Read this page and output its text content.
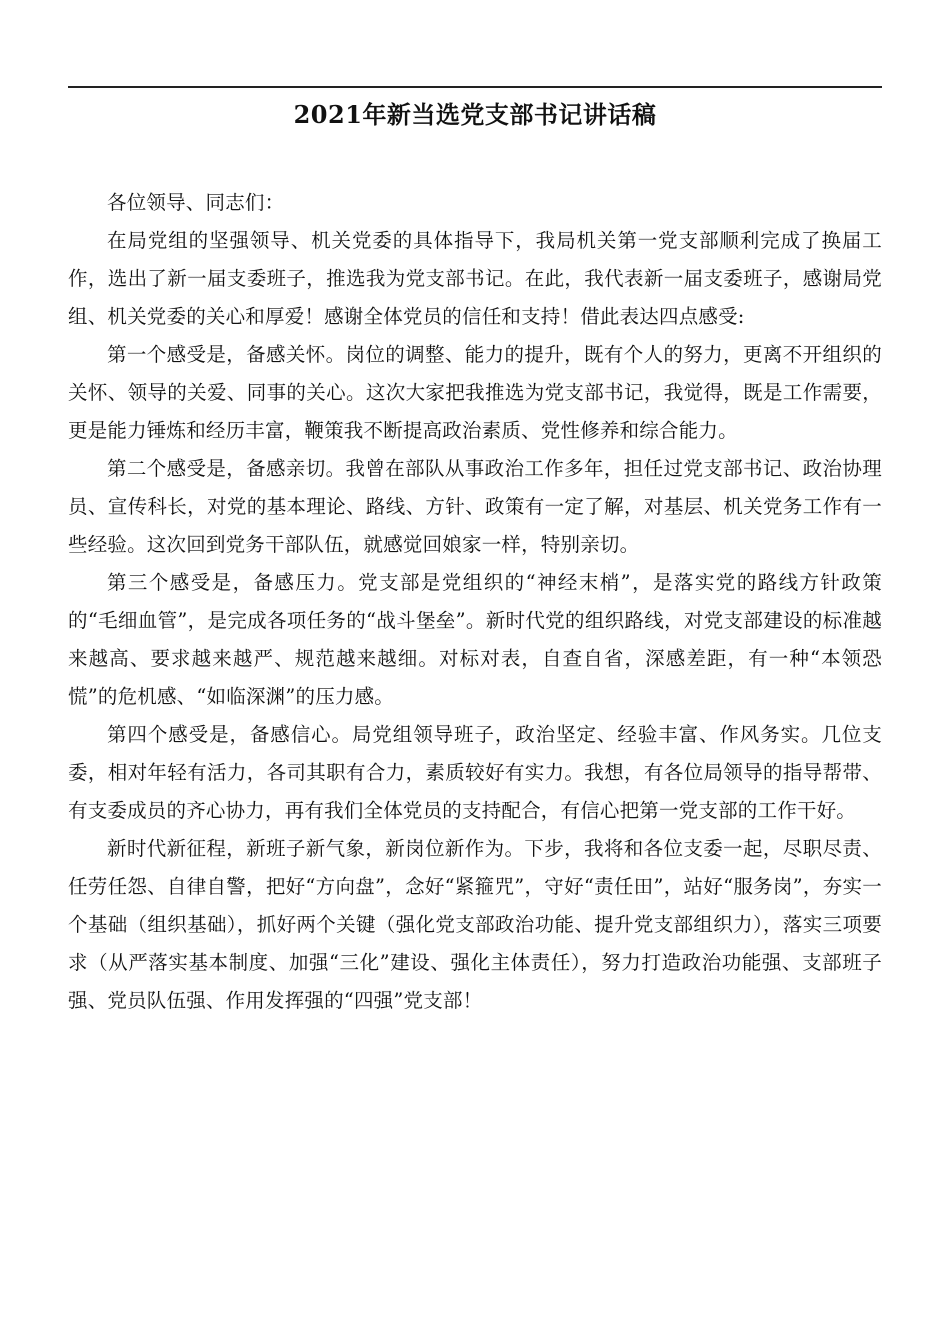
2021年新当选党支部书记讲话稿

各位领导、同志们：

在局党组的坚强领导、机关党委的具体指导下，我局机关第一党支部顺利完成了换届工作，选出了新一届支委班子，推选我为党支部书记。在此，我代表新一届支委班子，感谢局党组、机关党委的关心和厚爱！感谢全体党员的信任和支持！借此表达四点感受:

第一个感受是，备感关怀。岗位的调整、能力的提升，既有个人的努力，更离不开组织的关怀、领导的关爱、同事的关心。这次大家把我推选为党支部书记，我觉得，既是工作需要，更是能力锤炼和经历丰富，鞭策我不断提高政治素质、党性修养和综合能力。

第二个感受是，备感亲切。我曾在部队从事政治工作多年，担任过党支部书记、政治协理员、宣传科长，对党的基本理论、路线、方针、政策有一定了解，对基层、机关党务工作有一些经验。这次回到党务干部队伍，就感觉回娘家一样，特别亲切。

第三个感受是，备感压力。党支部是党组织的“神经末梢”，是落实党的路线方针政策的“毛细血管”，是完成各项任务的“战斗堡垒”。新时代党的组织路线，对党支部建设的标准越来越高、要求越来越严、规范越来越细。对标对表，自查自省，深感差距，有一种“本领恐慌”的危机感、“如临深渊”的压力感。

第四个感受是，备感信心。局党组领导班子，政治坚定、经验丰富、作风务实。几位支委，相对年轻有活力，各司其职有合力，素质较好有实力。我想，有各位局领导的指导帮带、有支委成员的齐心协力，再有我们全体党员的支持配合，有信心把第一党支部的工作干好。

新时代新征程，新班子新气象，新岗位新作为。下步，我将和各位支委一起，尽职尽责、任劳任怨、自律自警，把好“方向盘”，念好“紧箍咒”，守好“责任田”，站好“服务岗”，夯实一个基础（组织基础），抓好两个关键（强化党支部政治功能、提升党支部组织力），落实三项要求（从严落实基本制度、加强“三化”建设、强化主体责任），努力打造政治功能强、支部班子强、党员队伍强、作用发挥强的“四强”党支部！
